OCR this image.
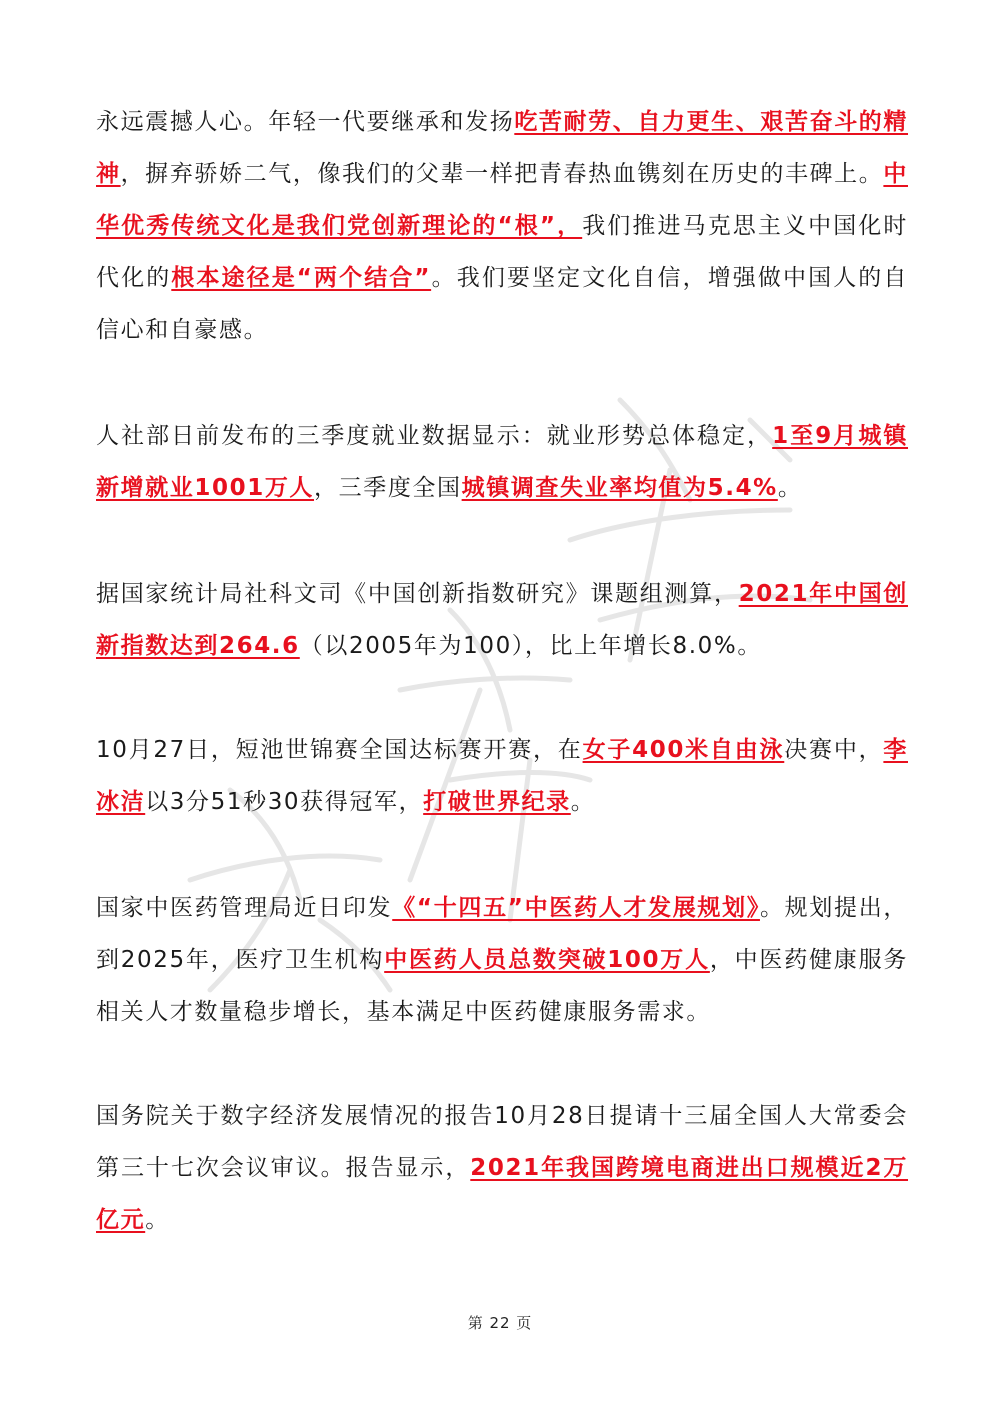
永远震撼人心。年轻一代要继承和发扬吃苦耐劳、自力更生、艰苦奋斗的精神，摒弃骄娇二气，像我们的父辈一样把青春热血镌刻在历史的丰碑上。中华优秀传统文化是我们党创新理论的“根”，我们推进马克思主义中国化时代化的根本途径是“两个结合”。我们要坚定文化自信，增强做中国人的自信心和自豪感。

人社部日前发布的三季度就业数据显示：就业形势总体稳定，1至9月城镇新增就业1001万人，三季度全国城镇调查失业率均值为5.4%。

据国家统计局社科文司《中国创新指数研究》课题组测算，2021年中国创新指数达到264.6（以2005年为100），比上年增长8.0%。

10月27日，短池世锦赛全国达标赛开赛，在女子400米自由泳决赛中，李冰洁以3分51秒30获得冠军，打破世界纪录。

国家中医药管理局近日印发《“十四五”中医药人才发展规划》。规划提出，到2025年，医疗卫生机构中医药人员总数突破100万人，中医药健康服务相关人才数量稳步增长，基本满足中医药健康服务需求。

国务院关于数字经济发展情况的报告10月28日提请十三届全国人大常委会第三十七次会议审议。报告显示，2021年我国跨境电商进出口规模近2万亿元。

第 22 页
